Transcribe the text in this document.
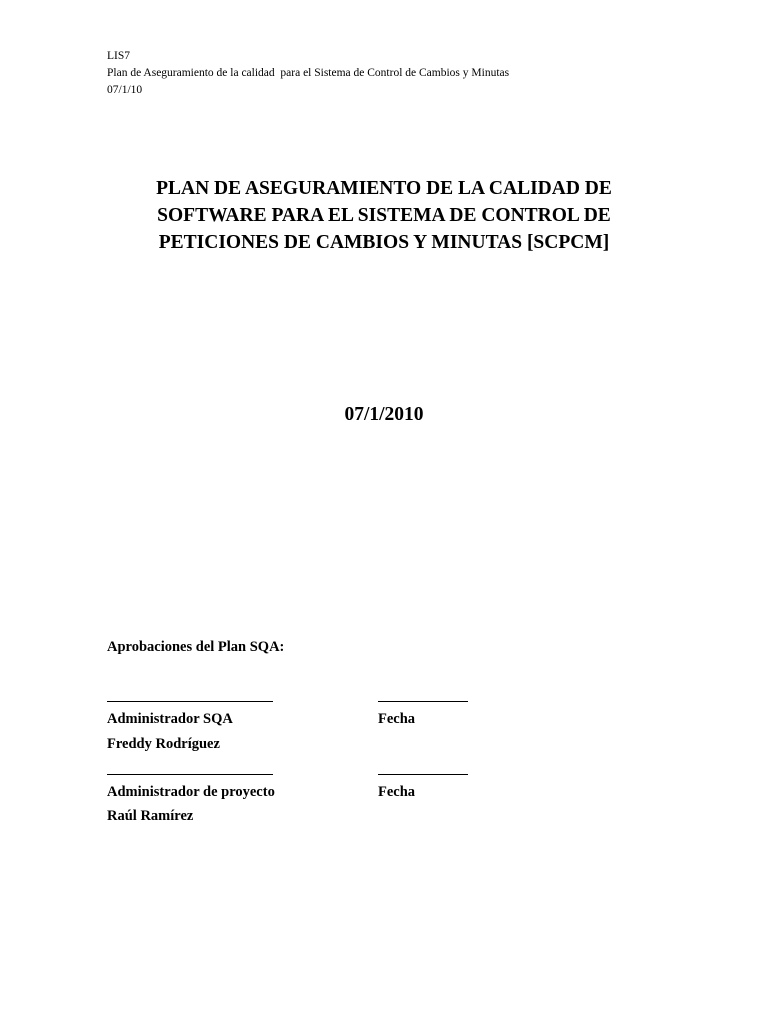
LIS7
Plan de Aseguramiento de la calidad  para el Sistema de Control de Cambios y Minutas
07/1/10
PLAN DE ASEGURAMIENTO DE LA CALIDAD DE
SOFTWARE PARA EL SISTEMA DE CONTROL DE
PETICIONES DE CAMBIOS Y MINUTAS [SCPCM]
07/1/2010
Aprobaciones del Plan SQA:
Administrador SQA	Fecha
Freddy Rodríguez
Administrador de proyecto	Fecha
Raúl Ramírez
